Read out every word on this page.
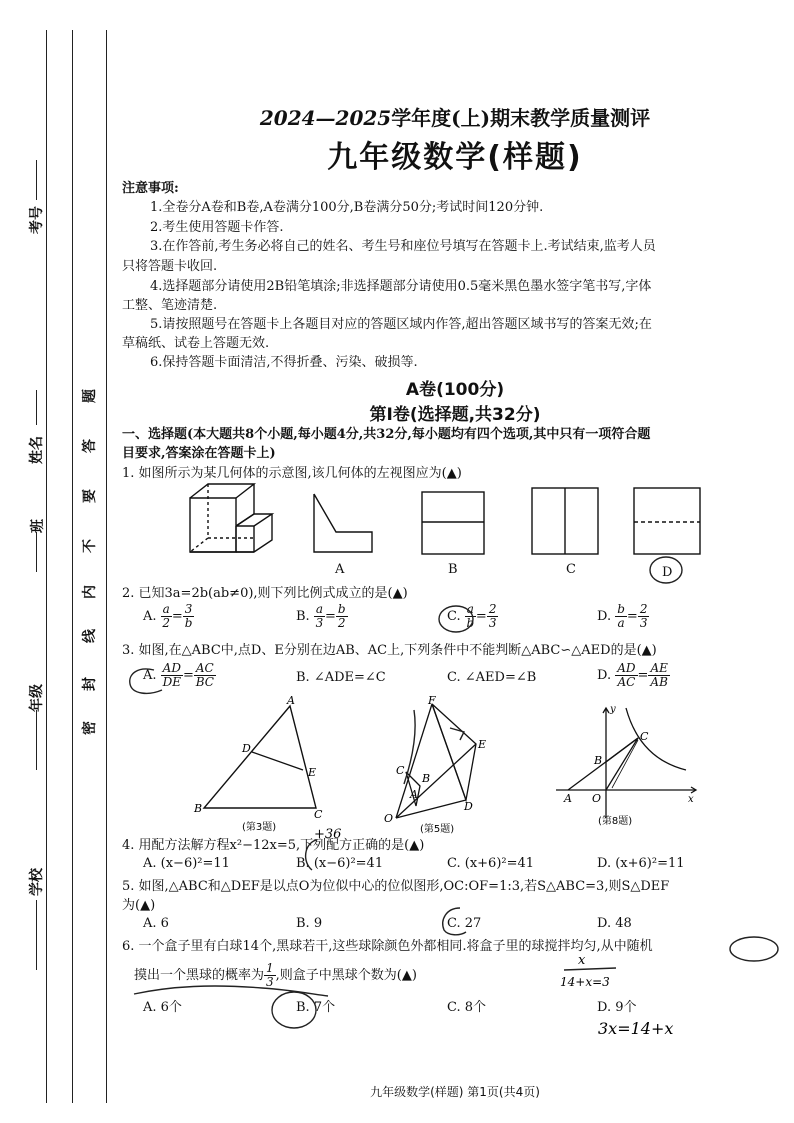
考号
姓名
班
年级
学校
题
答
要
不
内
线
封
密
2024—2025学年度(上)期末教学质量测评
九年级数学(样题)
注意事项:
1.全卷分A卷和B卷,A卷满分100分,B卷满分50分;考试时间120分钟.
2.考生使用答题卡作答.
3.在作答前,考生务必将自己的姓名、考生号和座位号填写在答题卡上.考试结束,监考人员
只将答题卡收回.
4.选择题部分请使用2B铅笔填涂;非选择题部分请使用0.5毫米黑色墨水签字笔书写,字体
工整、笔迹清楚.
5.请按照题号在答题卡上各题目对应的答题区域内作答,超出答题区域书写的答案无效;在
草稿纸、试卷上答题无效.
6.保持答题卡面清洁,不得折叠、污染、破损等.
A卷(100分)
第Ⅰ卷(选择题,共32分)
一、选择题(本大题共8个小题,每小题4分,共32分,每小题均有四个选项,其中只有一项符合题
目要求,答案涂在答题卡上)
1. 如图所示为某几何体的示意图,该几何体的左视图应为(▲)
A	B	C	D
2. 已知3a=2b(ab≠0),则下列比例式成立的是(▲)
A. $\frac{a}{2} = \frac{3}{b}$	B. $\frac{a}{3} = \frac{b}{2}$	C. $\frac{a}{b} = \frac{2}{3}$	D. $\frac{b}{a} = \frac{2}{3}$
3. 如图,在△ABC中,点D、E分别在边AB、AC上,下列条件中不能判断△ABC∽△AED的是(▲)
A. $\frac{AD}{DE} = \frac{AC}{BC}$	B. ∠ADE=∠C	C. ∠AED=∠B	D. $\frac{AD}{AC} = \frac{AE}{AB}$
A
D
E
B	C
(第3题)	+36
F
E
C
B
A
O
D
(第5题)
y
C
B
A O	x
(第8题)
4. 用配方法解方程x²−12x=5,下列配方正确的是(▲)
A. (x−6)²=11	B. (x−6)²=41	C. (x+6)²=41	D. (x+6)²=11
5. 如图,△ABC和△DEF是以点O为位似中心的位似图形,OC:OF=1:3,若S△ABC=3,则S△DEF
为(▲)
A. 6	B. 9	C. 27	D. 48
6. 一个盒子里有白球14个,黑球若干,这些球除颜色外都相同.将盒子里的球搅拌均匀,从中随机
摸出一个黑球的概率为 $\frac{1}{3}$ ,则盒子中黑球个数为(▲)
x
14+x=3
A. 6个	B. 7个	C. 8个	D. 9个
3x=14+x
九年级数学(样题) 第1页(共4页)
